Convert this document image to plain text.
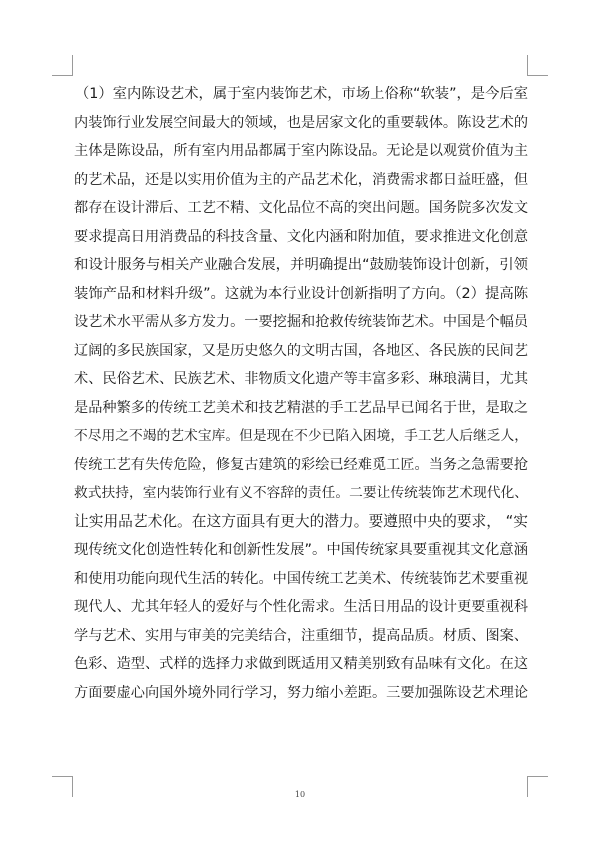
（1）室内陈设艺术，属于室内装饰艺术，市场上俗称“软装”，是今后室
内装饰行业发展空间最大的领域，也是居家文化的重要载体。陈设艺术的
主体是陈设品，所有室内用品都属于室内陈设品。无论是以观赏价值为主
的艺术品，还是以实用价值为主的产品艺术化，消费需求都日益旺盛，但
都存在设计滞后、工艺不精、文化品位不高的突出问题。国务院多次发文
要求提高日用消费品的科技含量、文化内涵和附加值，要求推进文化创意
和设计服务与相关产业融合发展，并明确提出“鼓励装饰设计创新，引领
装饰产品和材料升级”。这就为本行业设计创新指明了方向。（2）提高陈
设艺术水平需从多方发力。一要挖掘和抢救传统装饰艺术。中国是个幅员
辽阔的多民族国家，又是历史悠久的文明古国，各地区、各民族的民间艺
术、民俗艺术、民族艺术、非物质文化遗产等丰富多彩、琳琅满目，尤其
是品种繁多的传统工艺美术和技艺精湛的手工艺品早已闻名于世，是取之
不尽用之不竭的艺术宝库。但是现在不少已陷入困境，手工艺人后继乏人，
传统工艺有失传危险，修复古建筑的彩绘已经难觅工匠。当务之急需要抢
救式扶持，室内装饰行业有义不容辞的责任。二要让传统装饰艺术现代化、
让实用品艺术化。在这方面具有更大的潜力。要遵照中央的要求， “实
现传统文化创造性转化和创新性发展”。中国传统家具要重视其文化意涵
和使用功能向现代生活的转化。中国传统工艺美术、传统装饰艺术要重视
现代人、尤其年轻人的爱好与个性化需求。生活日用品的设计更要重视科
学与艺术、实用与审美的完美结合，注重细节，提高品质。材质、图案、
色彩、造型、式样的选择力求做到既适用又精美别致有品味有文化。在这
方面要虚心向国外境外同行学习，努力缩小差距。三要加强陈设艺术理论
10
